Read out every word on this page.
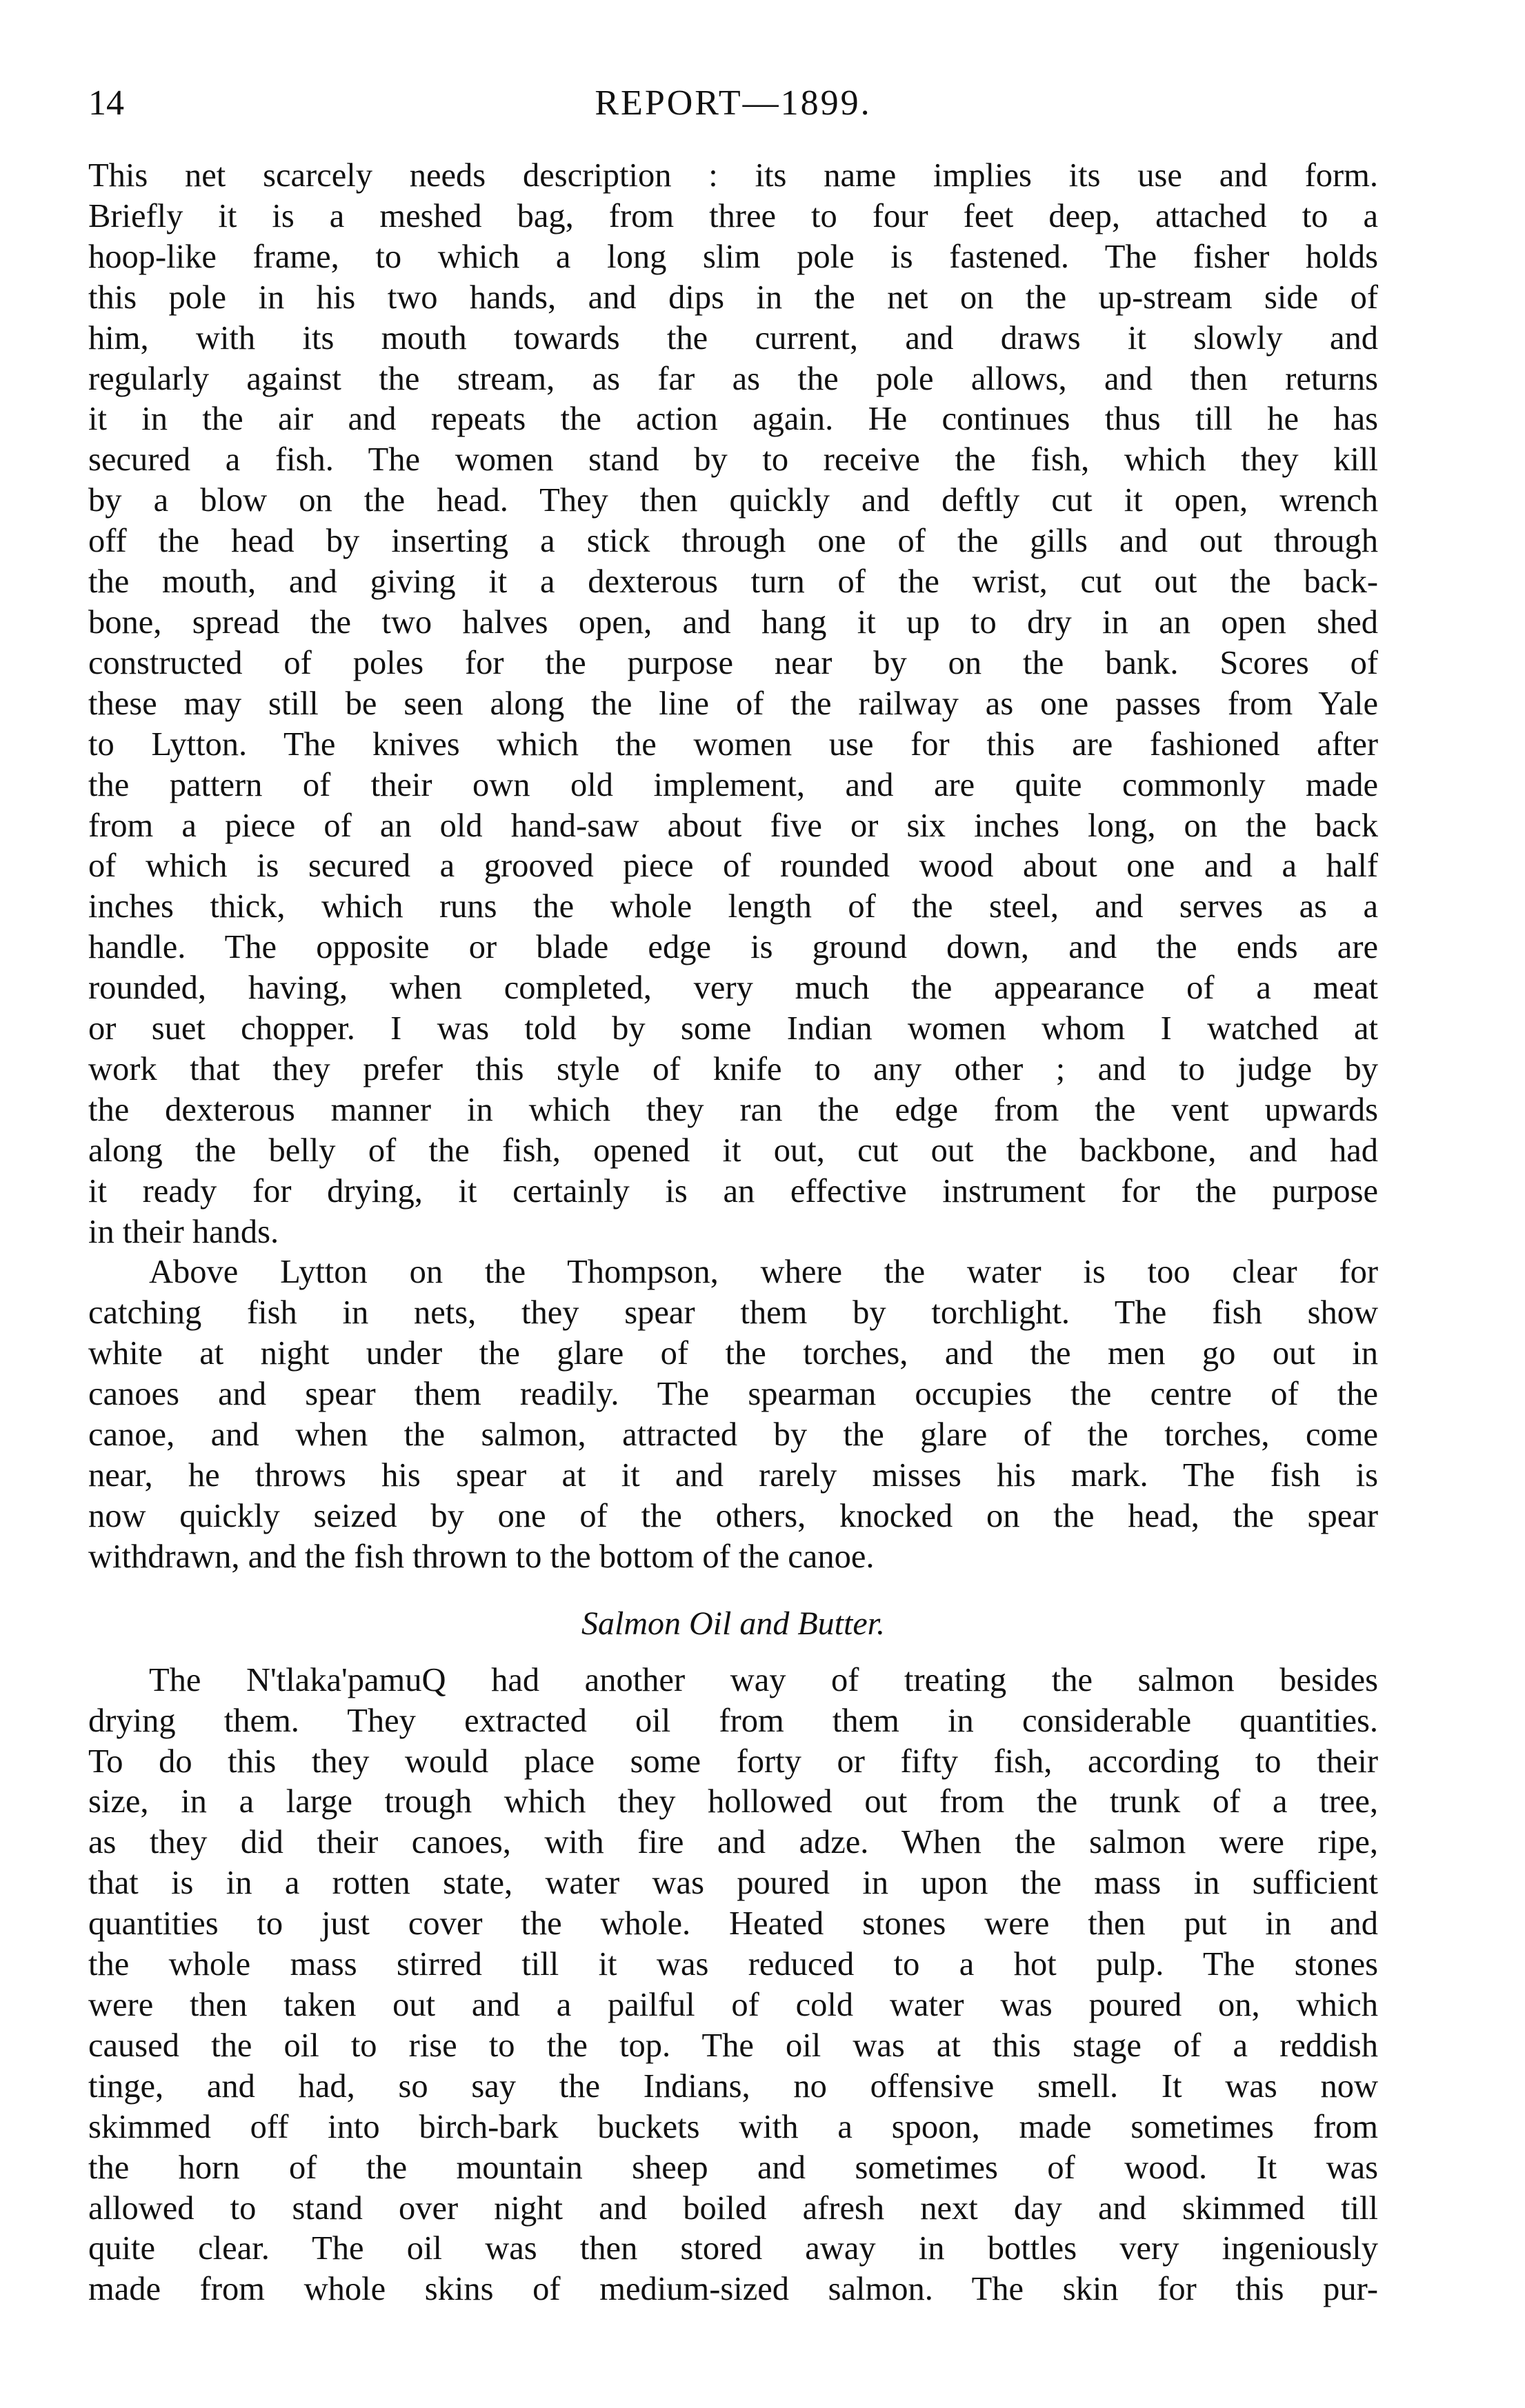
14	REPORT—1899.
This net scarcely needs description : its name implies its use and form.
Briefly it is a meshed bag, from three to four feet deep, attached to a
hoop-like frame, to which a long slim pole is fastened. The fisher holds
this pole in his two hands, and dips in the net on the up-stream side of
him, with its mouth towards the current, and draws it slowly and
regularly against the stream, as far as the pole allows, and then returns
it in the air and repeats the action again. He continues thus till he has
secured a fish. The women stand by to receive the fish, which they kill
by a blow on the head. They then quickly and deftly cut it open, wrench
off the head by inserting a stick through one of the gills and out through
the mouth, and giving it a dexterous turn of the wrist, cut out the back-
bone, spread the two halves open, and hang it up to dry in an open shed
constructed of poles for the purpose near by on the bank. Scores of
these may still be seen along the line of the railway as one passes from Yale
to Lytton. The knives which the women use for this are fashioned after
the pattern of their own old implement, and are quite commonly made
from a piece of an old hand-saw about five or six inches long, on the back
of which is secured a grooved piece of rounded wood about one and a half
inches thick, which runs the whole length of the steel, and serves as a
handle. The opposite or blade edge is ground down, and the ends are
rounded, having, when completed, very much the appearance of a meat
or suet chopper. I was told by some Indian women whom I watched at
work that they prefer this style of knife to any other ; and to judge by
the dexterous manner in which they ran the edge from the vent upwards
along the belly of the fish, opened it out, cut out the backbone, and had
it ready for drying, it certainly is an effective instrument for the purpose
in their hands.
Above Lytton on the Thompson, where the water is too clear for
catching fish in nets, they spear them by torchlight. The fish show
white at night under the glare of the torches, and the men go out in
canoes and spear them readily. The spearman occupies the centre of the
canoe, and when the salmon, attracted by the glare of the torches, come
near, he throws his spear at it and rarely misses his mark. The fish is
now quickly seized by one of the others, knocked on the head, the spear
withdrawn, and the fish thrown to the bottom of the canoe.
Salmon Oil and Butter.
The N'tlaka'pamuQ had another way of treating the salmon besides
drying them. They extracted oil from them in considerable quantities.
To do this they would place some forty or fifty fish, according to their
size, in a large trough which they hollowed out from the trunk of a tree,
as they did their canoes, with fire and adze. When the salmon were ripe,
that is in a rotten state, water was poured in upon the mass in sufficient
quantities to just cover the whole. Heated stones were then put in and
the whole mass stirred till it was reduced to a hot pulp. The stones
were then taken out and a pailful of cold water was poured on, which
caused the oil to rise to the top. The oil was at this stage of a reddish
tinge, and had, so say the Indians, no offensive smell. It was now
skimmed off into birch-bark buckets with a spoon, made sometimes from
the horn of the mountain sheep and sometimes of wood. It was
allowed to stand over night and boiled afresh next day and skimmed till
quite clear. The oil was then stored away in bottles very ingeniously
made from whole skins of medium-sized salmon. The skin for this pur-
